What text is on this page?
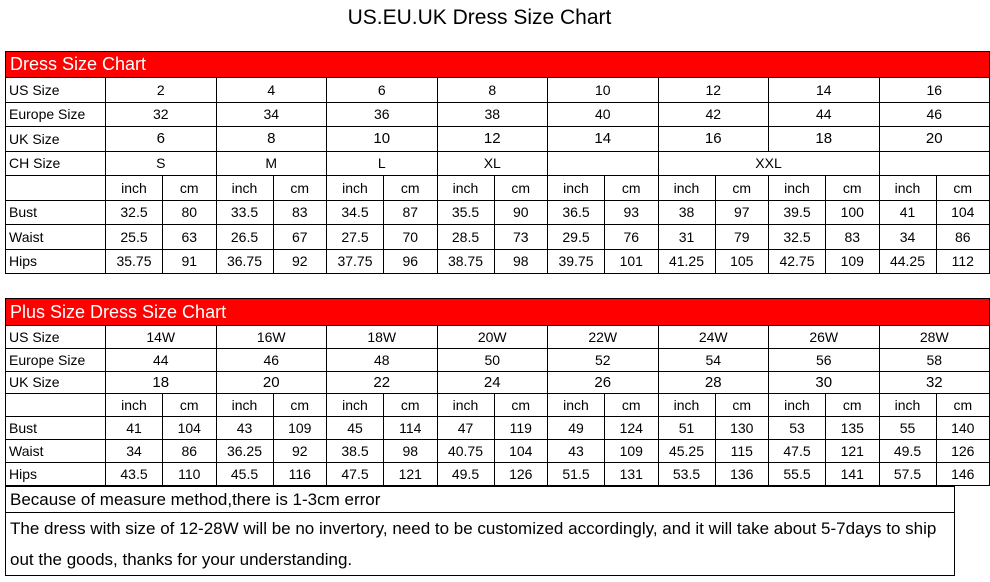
US.EU.UK Dress Size Chart
Dress Size Chart																
US Size	2		4		6		8		10		12		14		16	
Europe Size	32		34		36		38		40		42		44		46	
UK Size	6		8		10		12		14		16		18		20	
CH Size	S		M		L		XL				XXL					
	inch	cm	inch	cm	inch	cm	inch	cm	inch	cm	inch	cm	inch	cm	inch	cm
Bust	32.5	80	33.5	83	34.5	87	35.5	90	36.5	93	38	97	39.5	100	41	104
Waist	25.5	63	26.5	67	27.5	70	28.5	73	29.5	76	31	79	32.5	83	34	86
Hips	35.75	91	36.75	92	37.75	96	38.75	98	39.75	101	41.25	105	42.75	109	44.25	112
Plus Size Dress Size Chart																
US Size	14W		16W		18W		20W		22W		24W		26W		28W	
Europe Size	44		46		48		50		52		54		56		58	
UK Size	18		20		22		24		26		28		30		32	
	inch	cm	inch	cm	inch	cm	inch	cm	inch	cm	inch	cm	inch	cm	inch	cm
Bust	41	104	43	109	45	114	47	119	49	124	51	130	53	135	55	140
Waist	34	86	36.25	92	38.5	98	40.75	104	43	109	45.25	115	47.5	121	49.5	126
Hips	43.5	110	45.5	116	47.5	121	49.5	126	51.5	131	53.5	136	55.5	141	57.5	146
Because of measure method,there is 1-3cm error
The dress with size of 12-28W will be no invertory, need to be customized accordingly, and it will take about 5-7days to ship out the goods, thanks for your understanding.
